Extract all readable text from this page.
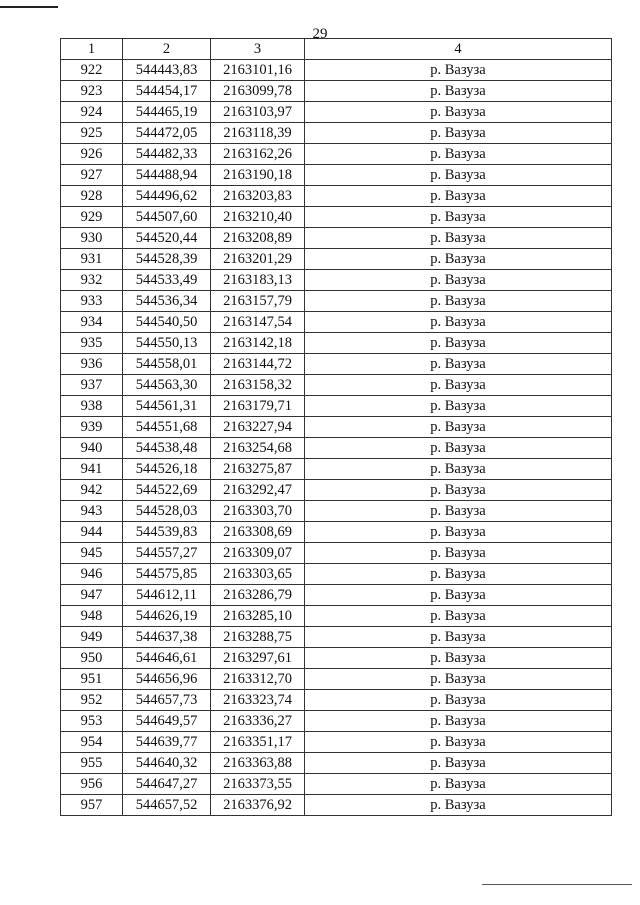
29
1	2	3	4
922	544443,83	2163101,16	р. Вазуза
923	544454,17	2163099,78	р. Вазуза
924	544465,19	2163103,97	р. Вазуза
925	544472,05	2163118,39	р. Вазуза
926	544482,33	2163162,26	р. Вазуза
927	544488,94	2163190,18	р. Вазуза
928	544496,62	2163203,83	р. Вазуза
929	544507,60	2163210,40	р. Вазуза
930	544520,44	2163208,89	р. Вазуза
931	544528,39	2163201,29	р. Вазуза
932	544533,49	2163183,13	р. Вазуза
933	544536,34	2163157,79	р. Вазуза
934	544540,50	2163147,54	р. Вазуза
935	544550,13	2163142,18	р. Вазуза
936	544558,01	2163144,72	р. Вазуза
937	544563,30	2163158,32	р. Вазуза
938	544561,31	2163179,71	р. Вазуза
939	544551,68	2163227,94	р. Вазуза
940	544538,48	2163254,68	р. Вазуза
941	544526,18	2163275,87	р. Вазуза
942	544522,69	2163292,47	р. Вазуза
943	544528,03	2163303,70	р. Вазуза
944	544539,83	2163308,69	р. Вазуза
945	544557,27	2163309,07	р. Вазуза
946	544575,85	2163303,65	р. Вазуза
947	544612,11	2163286,79	р. Вазуза
948	544626,19	2163285,10	р. Вазуза
949	544637,38	2163288,75	р. Вазуза
950	544646,61	2163297,61	р. Вазуза
951	544656,96	2163312,70	р. Вазуза
952	544657,73	2163323,74	р. Вазуза
953	544649,57	2163336,27	р. Вазуза
954	544639,77	2163351,17	р. Вазуза
955	544640,32	2163363,88	р. Вазуза
956	544647,27	2163373,55	р. Вазуза
957	544657,52	2163376,92	р. Вазуза
